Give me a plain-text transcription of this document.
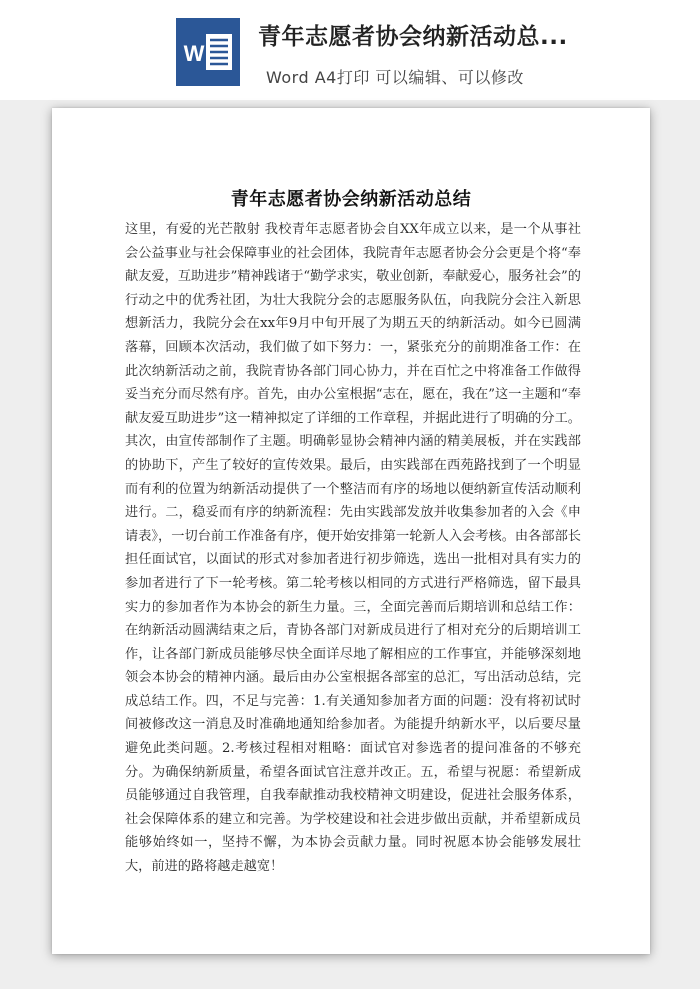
W
青年志愿者协会纳新活动总...
Word A4打印 可以编辑、可以修改
青年志愿者协会纳新活动总结

这里，有爱的光芒散射 我校青年志愿者协会自XX年成立以来，是一个从事社会公益事业与社会保障事业的社会团体，我院青年志愿者协会分会更是个将“奉献友爱，互助进步”精神践诸于“勤学求实，敬业创新，奉献爱心，服务社会”的行动之中的优秀社团，为壮大我院分会的志愿服务队伍，向我院分会注入新思想新活力，我院分会在xx年9月中旬开展了为期五天的纳新活动。如今已圆满落幕，回顾本次活动，我们做了如下努力：一，紧张充分的前期准备工作：在此次纳新活动之前，我院青协各部门同心协力，并在百忙之中将准备工作做得妥当充分而尽然有序。首先，由办公室根据“志在，愿在，我在”这一主题和“奉献友爱互助进步”这一精神拟定了详细的工作章程，并据此进行了明确的分工。其次，由宣传部制作了主题。明确彰显协会精神内涵的精美展板，并在实践部的协助下，产生了较好的宣传效果。最后，由实践部在西苑路找到了一个明显而有利的位置为纳新活动提供了一个整洁而有序的场地以便纳新宣传活动顺利进行。二，稳妥而有序的纳新流程：先由实践部发放并收集参加者的入会《申请表》，一切台前工作准备有序，便开始安排第一轮新人入会考核。由各部部长担任面试官，以面试的形式对参加者进行初步筛选，选出一批相对具有实力的参加者进行了下一轮考核。第二轮考核以相同的方式进行严格筛选，留下最具实力的参加者作为本协会的新生力量。三，全面完善而后期培训和总结工作：在纳新活动圆满结束之后，青协各部门对新成员进行了相对充分的后期培训工作，让各部门新成员能够尽快全面详尽地了解相应的工作事宜，并能够深刻地领会本协会的精神内涵。最后由办公室根据各部室的总汇，写出活动总结，完成总结工作。四，不足与完善：1.有关通知参加者方面的问题：没有将初试时间被修改这一消息及时准确地通知给参加者。为能提升纳新水平，以后要尽量避免此类问题。2.考核过程相对粗略：面试官对参选者的提问准备的不够充分。为确保纳新质量，希望各面试官注意并改正。五，希望与祝愿：希望新成员能够通过自我管理，自我奉献推动我校精神文明建设，促进社会服务体系，社会保障体系的建立和完善。为学校建设和社会进步做出贡献，并希望新成员能够始终如一，坚持不懈，为本协会贡献力量。同时祝愿本协会能够发展壮大，前进的路将越走越宽！
